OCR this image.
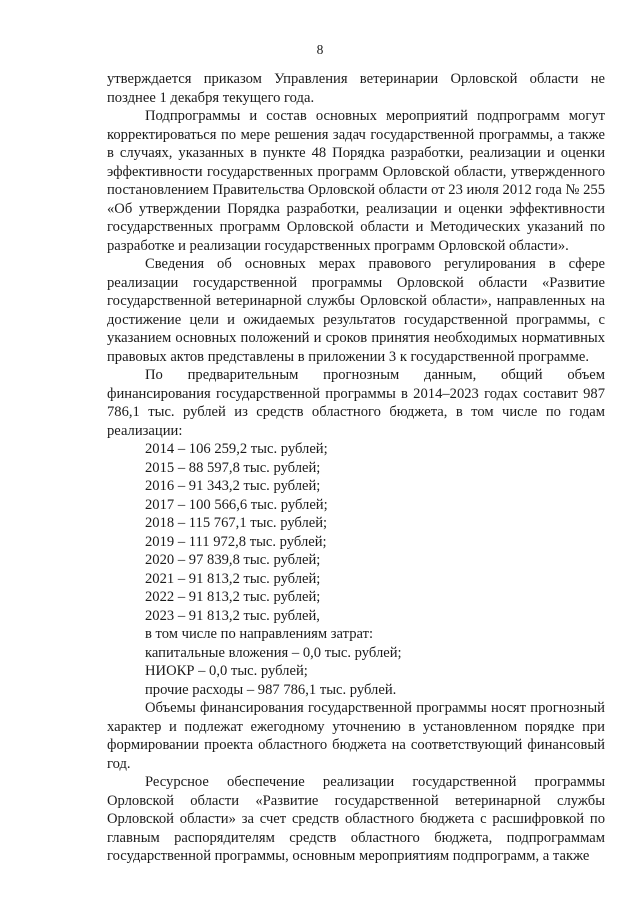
8

утверждается приказом Управления ветеринарии Орловской области не позднее 1 декабря текущего года.

Подпрограммы и состав основных мероприятий подпрограмм могут корректироваться по мере решения задач государственной программы, а также в случаях, указанных в пункте 48 Порядка разработки, реализации и оценки эффективности государственных программ Орловской области, утвержденного постановлением Правительства Орловской области от 23 июля 2012 года № 255 «Об утверждении Порядка разработки, реализации и оценки эффективности государственных программ Орловской области и Методических указаний по разработке и реализации государственных программ Орловской области».

Сведения об основных мерах правового регулирования в сфере реализации государственной программы Орловской области «Развитие государственной ветеринарной службы Орловской области», направленных на достижение цели и ожидаемых результатов государственной программы, с указанием основных положений и сроков принятия необходимых нормативных правовых актов представлены в приложении 3 к государственной программе.

По предварительным прогнозным данным, общий объем финансирования государственной программы в 2014–2023 годах составит 987 786,1 тыс. рублей из средств областного бюджета, в том числе по годам реализации:

2014 – 106 259,2 тыс. рублей;
2015 – 88 597,8 тыс. рублей;
2016 – 91 343,2 тыс. рублей;
2017 – 100 566,6 тыс. рублей;
2018 – 115 767,1 тыс. рублей;
2019 – 111 972,8 тыс. рублей;
2020 – 97 839,8 тыс. рублей;
2021 – 91 813,2 тыс. рублей;
2022 – 91 813,2 тыс. рублей;
2023 – 91 813,2 тыс. рублей,
в том числе по направлениям затрат:
капитальные вложения – 0,0 тыс. рублей;
НИОКР – 0,0 тыс. рублей;
прочие расходы – 987 786,1 тыс. рублей.

Объемы финансирования государственной программы носят прогнозный характер и подлежат ежегодному уточнению в установленном порядке при формировании проекта областного бюджета на соответствующий финансовый год.

Ресурсное обеспечение реализации государственной программы Орловской области «Развитие государственной ветеринарной службы Орловской области» за счет средств областного бюджета с расшифровкой по главным распорядителям средств областного бюджета, подпрограммам государственной программы, основным мероприятиям подпрограмм, а также
